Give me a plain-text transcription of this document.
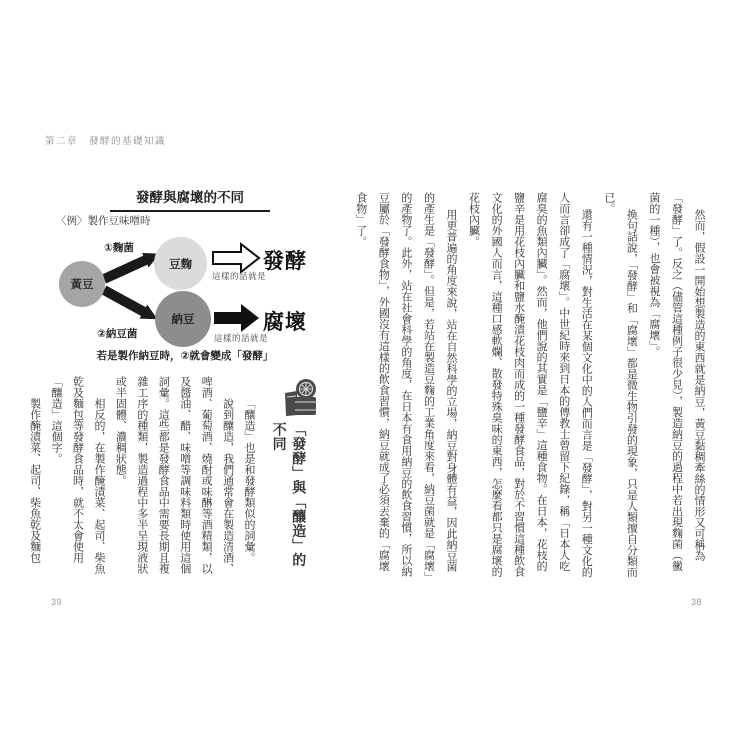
第二章　發酵的基礎知識
發酵與腐壞的不同
〈例〉製作豆味噌時
黃豆
豆麴
納豆
①麴菌
②納豆菌
發酵
腐壞
這樣的話就是
這樣的話就是
若是製作納豆時，②就會變成「發酵」
「發酵」與「釀造」的不同

「釀造」也是和發酵類似的詞彙。

說到釀造，我們通常會在製造清酒、啤酒、葡萄酒、燒酎或味醂等酒精類，以及醬油、醋、味噌等調味料類時使用這個詞彙。這些都是發酵食品中需要長期且複雜工序的種類，製造過程中多半呈現液狀或半固體、濃稠狀態。

相反的，在製作醃漬菜、起司、柴魚乾及麵包等發酵食品時，就不太會使用「釀造」這個字。

製作醃漬菜、起司、柴魚乾及麵包

39

然而，假設一開始想製造的東西就是納豆，黃豆黏稠牽絲的情形又可稱為「發酵」了。反之（儘管這種例子很少見），製造納豆的過程中若出現麴菌（黴菌的一種），也會被視為「腐壞」。

換句話說，「發酵」和「腐壞」都是微生物引發的現象，只是人類擅自分類而已。

還有一種情況，對生活在某個文化中的人們而言是「發酵」，對另一種文化的人而言卻成了「腐壞」。中世紀時來到日本的傳教士曾留下紀錄，稱「日本人吃腐臭的魚類內臟」。然而，他們說的其實是「鹽辛」這種食物。在日本，花枝的鹽辛是用花枝內臟和鹽水醃漬花枝肉而成的一種發酵食品，對於不習慣這種飲食文化的外國人而言，這種口感軟爛、散發特殊臭味的東西，怎麼看都只是腐壞的花枝內臟。

用更普遍的角度來說，站在自然科學的立場，納豆對身體有益，因此納豆菌的產生是「發酵」。但是，若站在製造豆麴的工業角度來看，納豆菌就是「腐壞」的產物了。此外，站在社會科學的角度，在日本有食用納豆的飲食習慣，所以納豆屬於「發酵食物」，外國沒有這樣的飲食習慣，納豆就成了必須丟棄的「腐壞食物」了。

38
